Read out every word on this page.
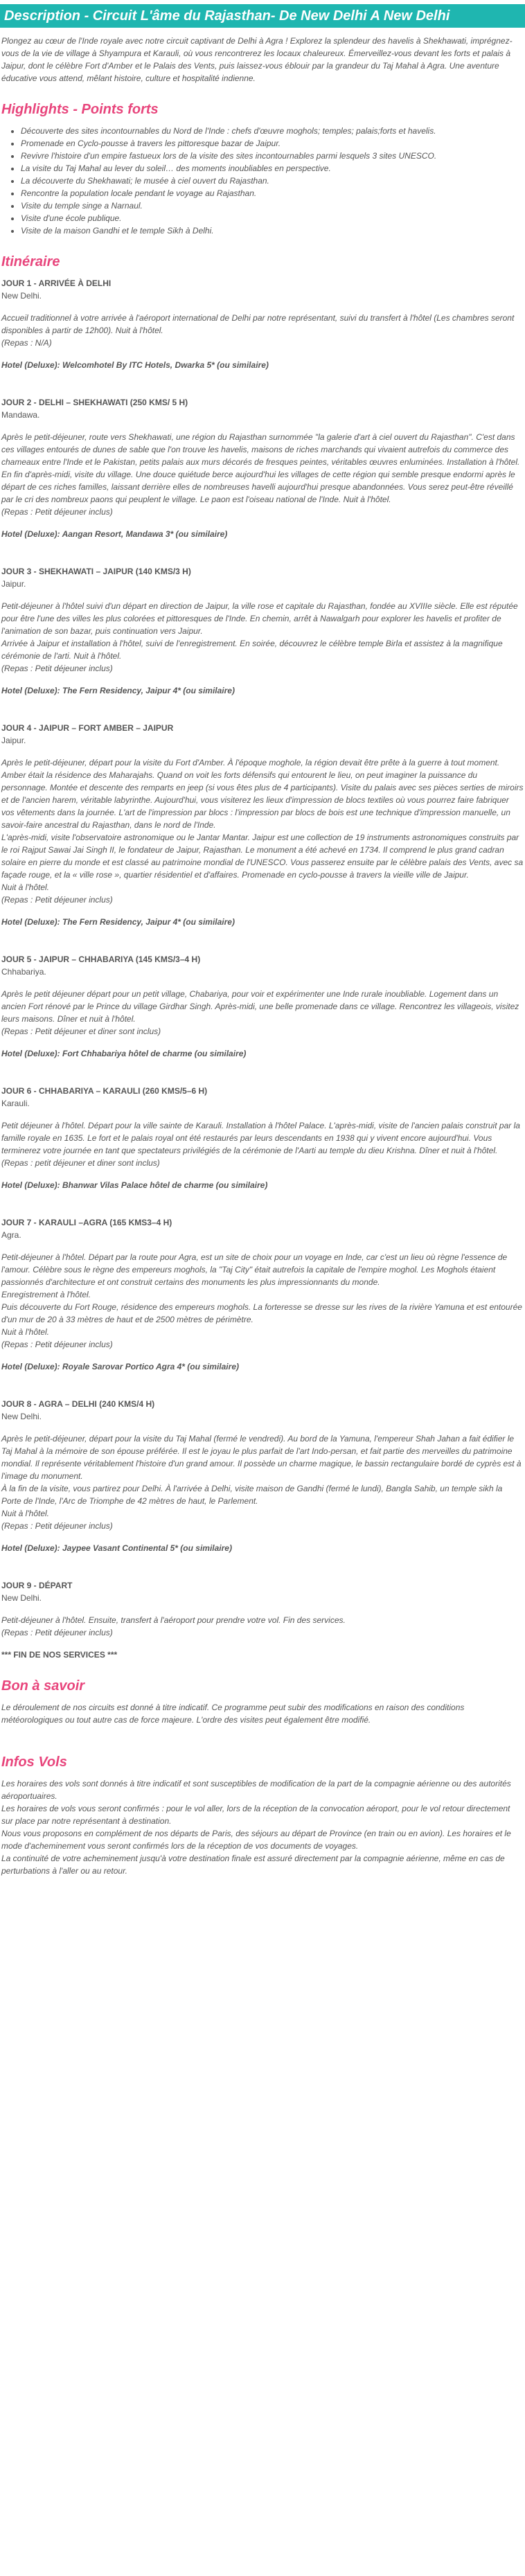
Description - Circuit L'âme du Rajasthan- De New Delhi A New Delhi

Plongez au cœur de l'Inde royale avec notre circuit captivant de Delhi à Agra ! Explorez la splendeur des havelis à Shekhawati, imprégnez-vous de la vie de village à Shyampura et Karauli, où vous rencontrerez les locaux chaleureux. Émerveillez-vous devant les forts et palais à Jaipur, dont le célèbre Fort d'Amber et le Palais des Vents, puis laissez-vous éblouir par la grandeur du Taj Mahal à Agra. Une aventure éducative vous attend, mêlant histoire, culture et hospitalité indienne.

Highlights - Points forts
• Découverte des sites incontournables du Nord de l'Inde : chefs d'œuvre moghols; temples; palais;forts et havelis.
• Promenade en Cyclo-pousse à travers les pittoresque bazar de Jaipur.
• Revivre l'histoire d'un empire fastueux lors de la visite des sites incontournables parmi lesquels 3 sites UNESCO.
• La visite du Taj Mahal au lever du soleil… des moments inoubliables en perspective.
• La découverte du Shekhawati; le musée à ciel ouvert du Rajasthan.
• Rencontre la population locale pendant le voyage au Rajasthan.
• Visite du temple singe a Narnaul.
• Visite d'une école publique.
• Visite de la maison Gandhi et le temple Sikh à Delhi.
Itinéraire

JOUR 1 - ARRIVÉE À DELHI

New Delhi.

Accueil traditionnel à votre arrivée à l'aéroport international de Delhi par notre représentant, suivi du transfert à l'hôtel (Les chambres seront disponibles à partir de 12h00). Nuit à l'hôtel.
(Repas : N/A)

Hotel (Deluxe): Welcomhotel By ITC Hotels, Dwarka 5* (ou similaire)

JOUR 2 - DELHI – SHEKHAWATI (250 KMS/ 5 H)

Mandawa.

Après le petit-déjeuner, route vers Shekhawati, une région du Rajasthan surnommée "la galerie d'art à ciel ouvert du Rajasthan". C'est dans ces villages entourés de dunes de sable que l'on trouve les havelis, maisons de riches marchands qui vivaient autrefois du commerce des chameaux entre l'Inde et le Pakistan, petits palais aux murs décorés de fresques peintes, véritables œuvres enluminées. Installation à l'hôtel.
En fin d'après-midi, visite du village. Une douce quiétude berce aujourd'hui les villages de cette région qui semble presque endormi après le départ de ces riches familles, laissant derrière elles de nombreuses havelli aujourd'hui presque abandonnées. Vous serez peut-être réveillé par le cri des nombreux paons qui peuplent le village. Le paon est l'oiseau national de l'Inde. Nuit à l'hôtel.
(Repas : Petit déjeuner inclus)

Hotel (Deluxe): Aangan Resort, Mandawa 3* (ou similaire)

JOUR 3 - SHEKHAWATI – JAIPUR (140 KMS/3 H)

Jaipur.

Petit-déjeuner à l'hôtel suivi d'un départ en direction de Jaipur, la ville rose et capitale du Rajasthan, fondée au XVIIIe siècle. Elle est réputée pour être l'une des villes les plus colorées et pittoresques de l'Inde. En chemin, arrêt à Nawalgarh pour explorer les havelis et profiter de l'animation de son bazar, puis continuation vers Jaipur.
Arrivée à Jaipur et installation à l'hôtel, suivi de l'enregistrement. En soirée, découvrez le célèbre temple Birla et assistez à la magnifique cérémonie de l'arti. Nuit à l'hôtel.
(Repas : Petit déjeuner inclus)

Hotel (Deluxe): The Fern Residency, Jaipur 4* (ou similaire)

JOUR 4 - JAIPUR – FORT AMBER – JAIPUR

Jaipur.

Après le petit-déjeuner, départ pour la visite du Fort d'Amber. À l'époque moghole, la région devait être prête à la guerre à tout moment. Amber était la résidence des Maharajahs. Quand on voit les forts défensifs qui entourent le lieu, on peut imaginer la puissance du personnage. Montée et descente des remparts en jeep (si vous êtes plus de 4 participants). Visite du palais avec ses pièces serties de miroirs et de l'ancien harem, véritable labyrinthe. Aujourd'hui, vous visiterez les lieux d'impression de blocs textiles où vous pourrez faire fabriquer vos vêtements dans la journée. L'art de l'impression par blocs : l'impression par blocs de bois est une technique d'impression manuelle, un savoir-faire ancestral du Rajasthan, dans le nord de l'Inde.
L'après-midi, visite l'observatoire astronomique ou le Jantar Mantar. Jaipur est une collection de 19 instruments astronomiques construits par le roi Rajput Sawai Jai Singh II, le fondateur de Jaipur, Rajasthan. Le monument a été achevé en 1734. Il comprend le plus grand cadran solaire en pierre du monde et est classé au patrimoine mondial de l'UNESCO. Vous passerez ensuite par le célèbre palais des Vents, avec sa façade rouge, et la « ville rose », quartier résidentiel et d'affaires. Promenade en cyclo-pousse à travers la vieille ville de Jaipur.
Nuit à l'hôtel.
(Repas : Petit déjeuner inclus)

Hotel (Deluxe): The Fern Residency, Jaipur 4* (ou similaire)

JOUR 5 - JAIPUR – CHHABARIYA (145 KMS/3–4 H)

Chhabariya.

Après le petit déjeuner départ pour un petit village, Chabariya, pour voir et expérimenter une Inde rurale inoubliable. Logement dans un ancien Fort rénové par le Prince du village Girdhar Singh. Après-midi, une belle promenade dans ce village. Rencontrez les villageois, visitez leurs maisons. Dîner et nuit à l'hôtel.
(Repas : Petit déjeuner et diner sont inclus)

Hotel (Deluxe): Fort Chhabariya hôtel de charme (ou similaire)

JOUR 6 - CHHABARIYA – KARAULI (260 KMS/5–6 H)

Karauli.

Petit déjeuner à l'hôtel. Départ pour la ville sainte de Karauli. Installation à l'hôtel Palace. L'après-midi, visite de l'ancien palais construit par la famille royale en 1635. Le fort et le palais royal ont été restaurés par leurs descendants en 1938 qui y vivent encore aujourd'hui. Vous terminerez votre journée en tant que spectateurs privilégiés de la cérémonie de l'Aarti au temple du dieu Krishna. Dîner et nuit à l'hôtel.
(Repas : petit déjeuner et diner sont inclus)

Hotel (Deluxe): Bhanwar Vilas Palace hôtel de charme (ou similaire)

JOUR 7 - KARAULI –AGRA (165 KMS3–4 H)

Agra.

Petit-déjeuner à l'hôtel. Départ par la route pour Agra, est un site de choix pour un voyage en Inde, car c'est un lieu où règne l'essence de l'amour. Célèbre sous le règne des empereurs moghols, la "Taj City" était autrefois la capitale de l'empire moghol. Les Moghols étaient passionnés d'architecture et ont construit certains des monuments les plus impressionnants du monde.
Enregistrement à l'hôtel.
Puis découverte du Fort Rouge, résidence des empereurs moghols. La forteresse se dresse sur les rives de la rivière Yamuna et est entourée d'un mur de 20 à 33 mètres de haut et de 2500 mètres de périmètre.
Nuit à l'hôtel.
(Repas : Petit déjeuner inclus)

Hotel (Deluxe): Royale Sarovar Portico Agra 4* (ou similaire)

JOUR 8 - AGRA – DELHI (240 KMS/4 H)

New Delhi.

Après le petit-déjeuner, départ pour la visite du Taj Mahal (fermé le vendredi). Au bord de la Yamuna, l'empereur Shah Jahan a fait édifier le Taj Mahal à la mémoire de son épouse préférée. Il est le joyau le plus parfait de l'art Indo-persan, et fait partie des merveilles du patrimoine mondial. Il représente véritablement l'histoire d'un grand amour. Il possède un charme magique, le bassin rectangulaire bordé de cyprès est à l'image du monument.
À la fin de la visite, vous partirez pour Delhi. À l'arrivée à Delhi, visite maison de Gandhi (fermé le lundi), Bangla Sahib, un temple sikh la Porte de l'Inde, l'Arc de Triomphe de 42 mètres de haut, le Parlement.
Nuit à l'hôtel.
(Repas : Petit déjeuner inclus)

Hotel (Deluxe): Jaypee Vasant Continental 5* (ou similaire)

JOUR 9 - DÉPART

New Delhi.

Petit-déjeuner à l'hôtel. Ensuite, transfert à l'aéroport pour prendre votre vol. Fin des services.
(Repas : Petit déjeuner inclus)

*** FIN DE NOS SERVICES ***

Bon à savoir

Le déroulement de nos circuits est donné à titre indicatif. Ce programme peut subir des modifications en raison des conditions météorologiques ou tout autre cas de force majeure. L'ordre des visites peut également être modifié.

Infos Vols

Les horaires des vols sont donnés à titre indicatif et sont susceptibles de modification de la part de la compagnie aérienne ou des autorités aéroportuaires.
Les horaires de vols vous seront confirmés : pour le vol aller, lors de la réception de la convocation aéroport, pour le vol retour directement sur place par notre représentant à destination.
Nous vous proposons en complément de nos départs de Paris, des séjours au départ de Province (en train ou en avion). Les horaires et le mode d'acheminement vous seront confirmés lors de la réception de vos documents de voyages.
La continuité de votre acheminement jusqu'à votre destination finale est assuré directement par la compagnie aérienne, même en cas de perturbations à l'aller ou au retour.
